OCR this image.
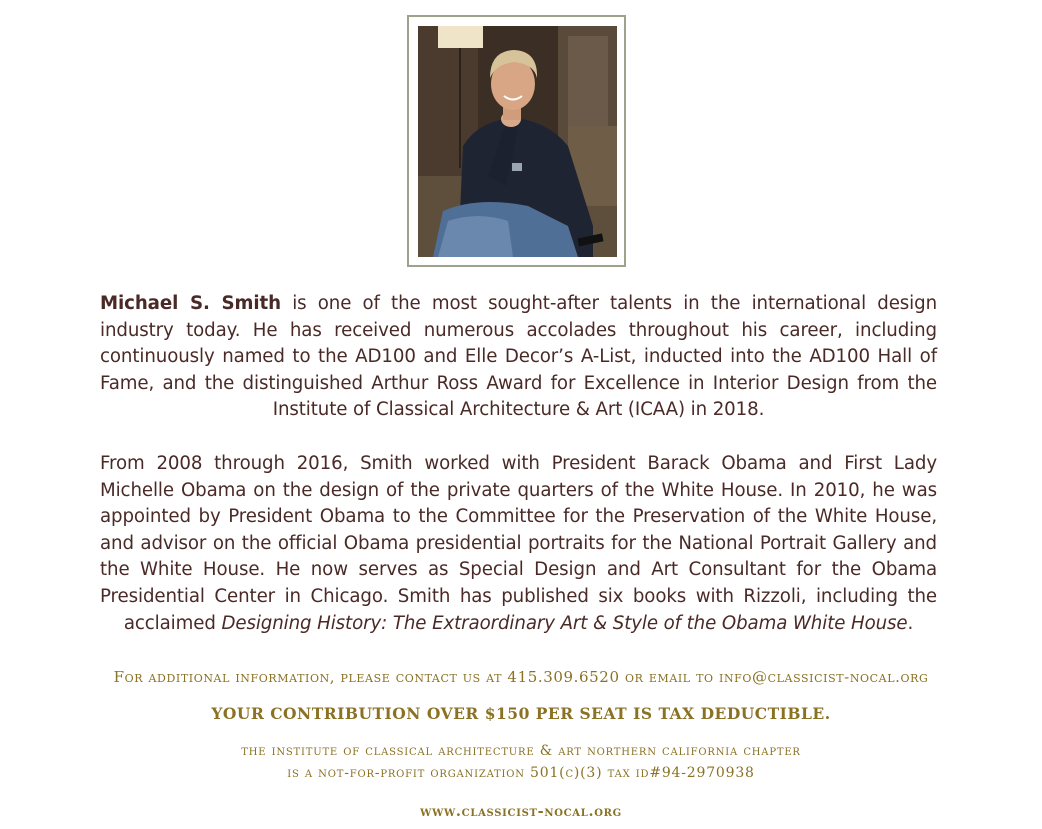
Michael S. Smith is one of the most sought-after talents in the international design industry today. He has received numerous accolades throughout his career, including continuously named to the AD100 and Elle Decor’s A-List, inducted into the AD100 Hall of Fame, and the distinguished Arthur Ross Award for Excellence in Interior Design from the Institute of Classical Architecture & Art (ICAA) in 2018.
From 2008 through 2016, Smith worked with President Barack Obama and First Lady Michelle Obama on the design of the private quarters of the White House. In 2010, he was appointed by President Obama to the Committee for the Preservation of the White House, and advisor on the official Obama presidential portraits for the National Portrait Gallery and the White House. He now serves as Special Design and Art Consultant for the Obama Presidential Center in Chicago. Smith has published six books with Rizzoli, including the acclaimed Designing History: The Extraordinary Art & Style of the Obama White House.
For additional information, please contact us at 415.309.6520 or email to info@classicist-nocal.org
YOUR CONTRIBUTION OVER $150 PER SEAT IS TAX DEDUCTIBLE.
the institute of classical architecture & art northern california chapter
is a not-for-profit organization 501(c)(3) tax id#94-2970938
www.classicist-nocal.org
